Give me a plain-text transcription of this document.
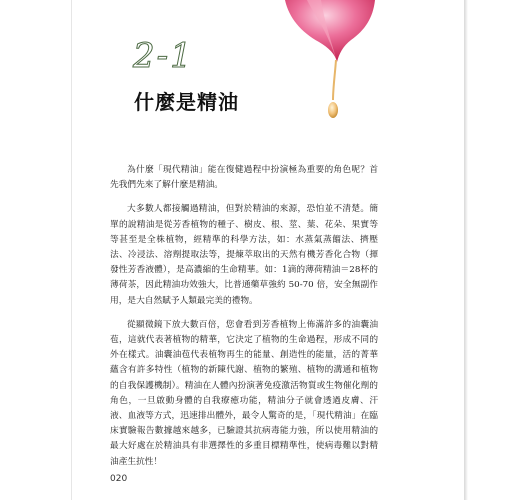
2-1
什麼是精油

為什麼「現代精油」能在復健過程中扮演極為重要的角色呢？首先我們先來了解什麼是精油。

大多數人都接觸過精油，但對於精油的來源，恐怕並不清楚。簡單的說精油是從芳香植物的種子、樹皮、根、莖、葉、花朵、果實等等甚至是全株植物，經精準的科學方法，如：水蒸氣蒸餾法、擠壓法、冷浸法、溶劑提取法等，提煉萃取出的天然有機芳香化合物（揮發性芳香液體），是高濃縮的生命精華。如：1滴的薄荷精油＝28杯的薄荷茶，因此精油功效強大，比普通藥草強約 50-70 倍，安全無副作用，是大自然賦予人類最完美的禮物。

從顯微鏡下放大數百倍，您會看到芳香植物上佈滿許多的油囊油苞，這就代表著植物的精華，它決定了植物的生命過程，形成不同的外在樣式。油囊油苞代表植物再生的能量、創造性的能量，活的菁華蘊含有許多特性（植物的新陳代謝、植物的繁殖、植物的溝通和植物的自我保護機制）。精油在人體內扮演著免疫激活物質或生物催化劑的角色，一旦啟動身體的自我療癒功能，精油分子就會透過皮膚、汗液、血液等方式，迅速排出體外，最令人驚奇的是，「現代精油」在臨床實驗報告數據越來越多，已驗證其抗病毒能力強，所以使用精油的最大好處在於精油具有非選擇性的多重目標精準性，使病毒難以對精油產生抗性！

020
